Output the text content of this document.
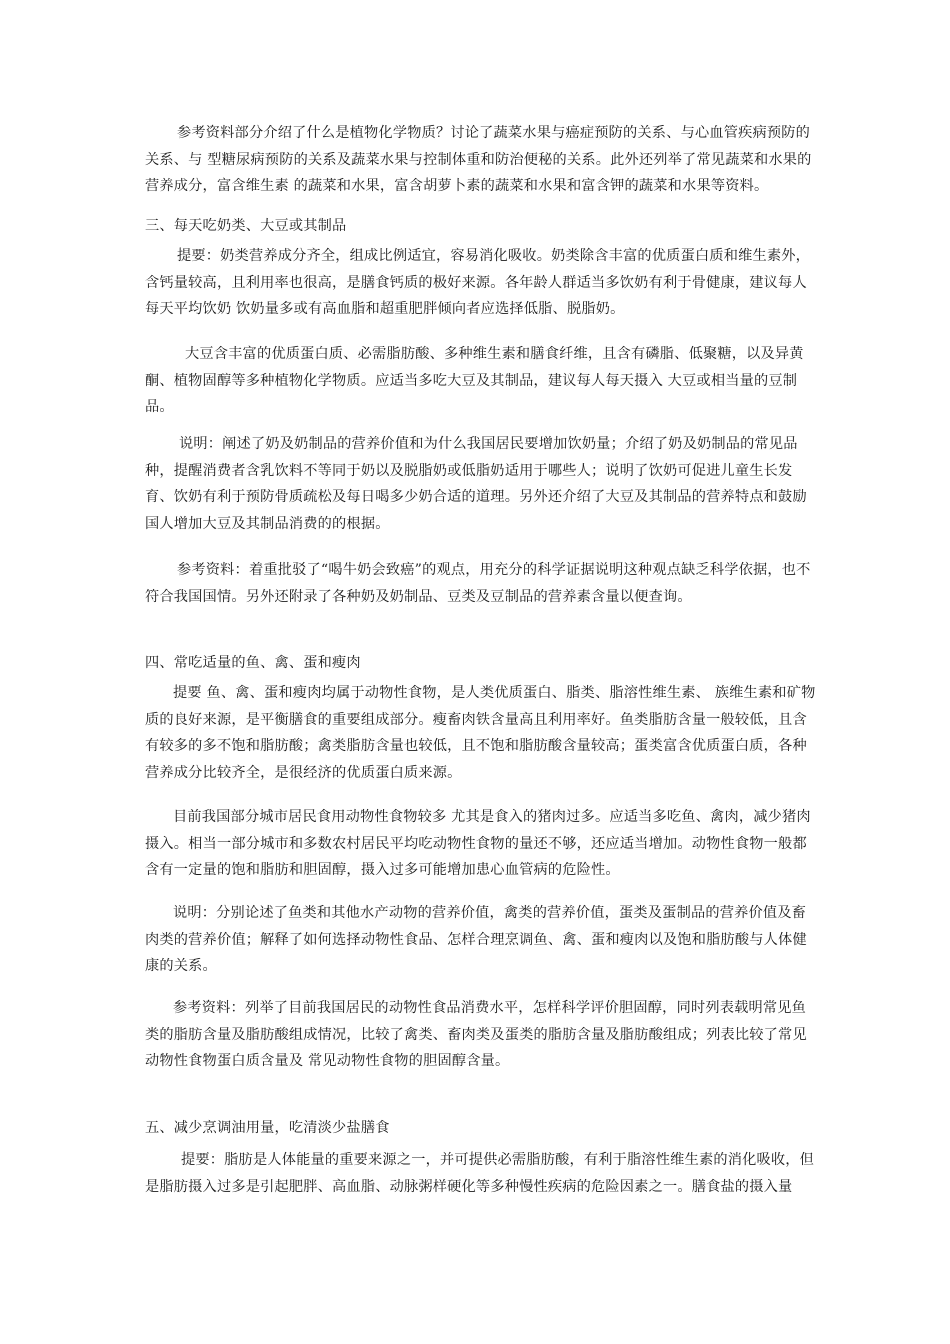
参考资料部分介绍了什么是植物化学物质？讨论了蔬菜水果与癌症预防的关系、与心血管疾病预防的关系、与 型糖尿病预防的关系及蔬菜水果与控制体重和防治便秘的关系。此外还列举了常见蔬菜和水果的营养成分，富含维生素 的蔬菜和水果，富含胡萝卜素的蔬菜和水果和富含钾的蔬菜和水果等资料。
三、每天吃奶类、大豆或其制品
提要：奶类营养成分齐全，组成比例适宜，容易消化吸收。奶类除含丰富的优质蛋白质和维生素外，含钙量较高，且利用率也很高，是膳食钙质的极好来源。各年龄人群适当多饮奶有利于骨健康，建议每人每天平均饮奶 饮奶量多或有高血脂和超重肥胖倾向者应选择低脂、脱脂奶。
大豆含丰富的优质蛋白质、必需脂肪酸、多种维生素和膳食纤维，且含有磷脂、低聚糖，以及异黄酮、植物固醇等多种植物化学物质。应适当多吃大豆及其制品，建议每人每天摄入 大豆或相当量的豆制品。
说明：阐述了奶及奶制品的营养价值和为什么我国居民要增加饮奶量；介绍了奶及奶制品的常见品种，提醒消费者含乳饮料不等同于奶以及脱脂奶或低脂奶适用于哪些人；说明了饮奶可促进儿童生长发育、饮奶有利于预防骨质疏松及每日喝多少奶合适的道理。另外还介绍了大豆及其制品的营养特点和鼓励国人增加大豆及其制品消费的的根据。
参考资料：着重批驳了“喝牛奶会致癌”的观点，用充分的科学证据说明这种观点缺乏科学依据，也不符合我国国情。另外还附录了各种奶及奶制品、豆类及豆制品的营养素含量以便查询。
四、常吃适量的鱼、禽、蛋和瘦肉
提要 鱼、禽、蛋和瘦肉均属于动物性食物，是人类优质蛋白、脂类、脂溶性维生素、 族维生素和矿物质的良好来源，是平衡膳食的重要组成部分。瘦畜肉铁含量高且利用率好。鱼类脂肪含量一般较低，且含有较多的多不饱和脂肪酸；禽类脂肪含量也较低，且不饱和脂肪酸含量较高；蛋类富含优质蛋白质，各种营养成分比较齐全，是很经济的优质蛋白质来源。
目前我国部分城市居民食用动物性食物较多 尤其是食入的猪肉过多。应适当多吃鱼、禽肉，减少猪肉摄入。相当一部分城市和多数农村居民平均吃动物性食物的量还不够，还应适当增加。动物性食物一般都含有一定量的饱和脂肪和胆固醇，摄入过多可能增加患心血管病的危险性。
说明：分别论述了鱼类和其他水产动物的营养价值，禽类的营养价值，蛋类及蛋制品的营养价值及畜肉类的营养价值；解释了如何选择动物性食品、怎样合理烹调鱼、禽、蛋和瘦肉以及饱和脂肪酸与人体健康的关系。
参考资料：列举了目前我国居民的动物性食品消费水平，怎样科学评价胆固醇，同时列表载明常见鱼类的脂肪含量及脂肪酸组成情况，比较了禽类、畜肉类及蛋类的脂肪含量及脂肪酸组成；列表比较了常见动物性食物蛋白质含量及 常见动物性食物的胆固醇含量。
五、减少烹调油用量，吃清淡少盐膳食
提要：脂肪是人体能量的重要来源之一，并可提供必需脂肪酸，有利于脂溶性维生素的消化吸收，但是脂肪摄入过多是引起肥胖、高血脂、动脉粥样硬化等多种慢性疾病的危险因素之一。膳食盐的摄入量
